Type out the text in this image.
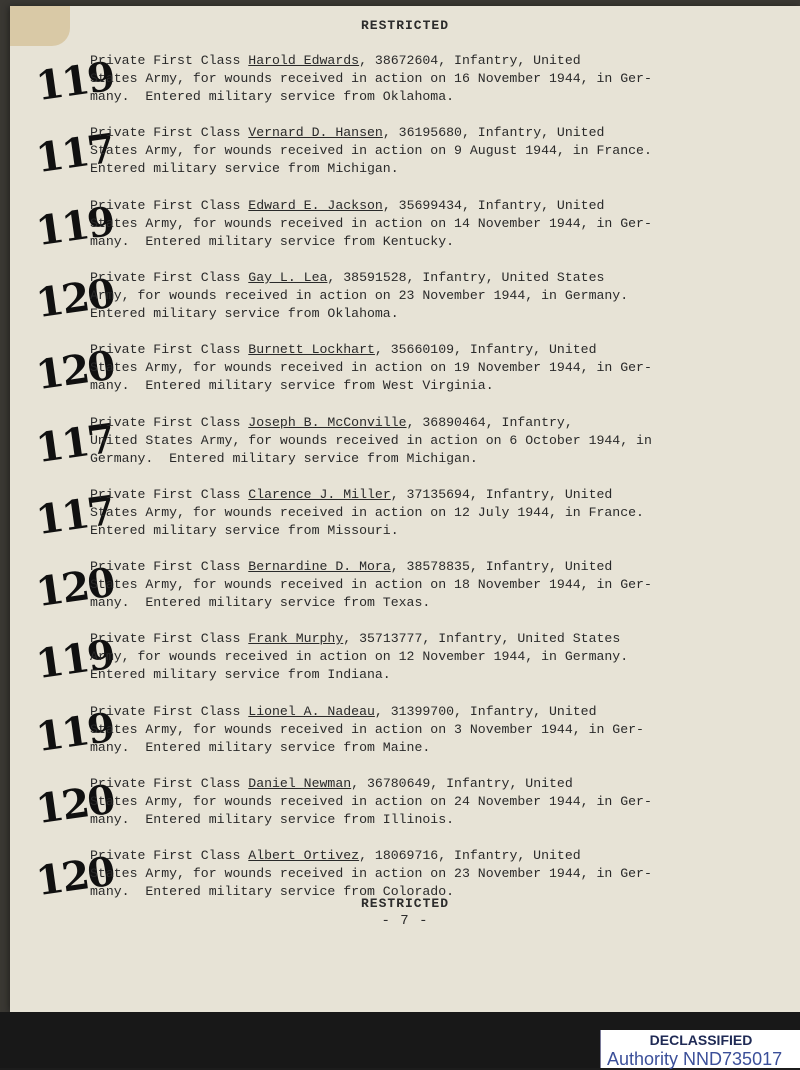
RESTRICTED
119

Private First Class Harold Edwards, 38672604, Infantry, United

States Army, for wounds received in action on 16 November 1944, in Ger-

many.  Entered military service from Oklahoma.

117

Private First Class Vernard D. Hansen, 36195680, Infantry, United

States Army, for wounds received in action on 9 August 1944, in France.

Entered military service from Michigan.

119

Private First Class Edward E. Jackson, 35699434, Infantry, United

States Army, for wounds received in action on 14 November 1944, in Ger-

many.  Entered military service from Kentucky.

120

Private First Class Gay L. Lea, 38591528, Infantry, United States

Army, for wounds received in action on 23 November 1944, in Germany.

Entered military service from Oklahoma.

120

Private First Class Burnett Lockhart, 35660109, Infantry, United

States Army, for wounds received in action on 19 November 1944, in Ger-

many.  Entered military service from West Virginia.

117

Private First Class Joseph B. McConville, 36890464, Infantry,

United States Army, for wounds received in action on 6 October 1944, in

Germany.  Entered military service from Michigan.

117

Private First Class Clarence J. Miller, 37135694, Infantry, United

States Army, for wounds received in action on 12 July 1944, in France.

Entered military service from Missouri.

120

Private First Class Bernardine D. Mora, 38578835, Infantry, United

States Army, for wounds received in action on 18 November 1944, in Ger-

many.  Entered military service from Texas.

119

Private First Class Frank Murphy, 35713777, Infantry, United States

Army, for wounds received in action on 12 November 1944, in Germany.

Entered military service from Indiana.

119

Private First Class Lionel A. Nadeau, 31399700, Infantry, United

States Army, for wounds received in action on 3 November 1944, in Ger-

many.  Entered military service from Maine.

120

Private First Class Daniel Newman, 36780649, Infantry, United

States Army, for wounds received in action on 24 November 1944, in Ger-

many.  Entered military service from Illinois.

120

Private First Class Albert Ortivez, 18069716, Infantry, United

States Army, for wounds received in action on 23 November 1944, in Ger-

many.  Entered military service from Colorado.

RESTRICTED
- 7 -
DECLASSIFIED
Authority NND735017
